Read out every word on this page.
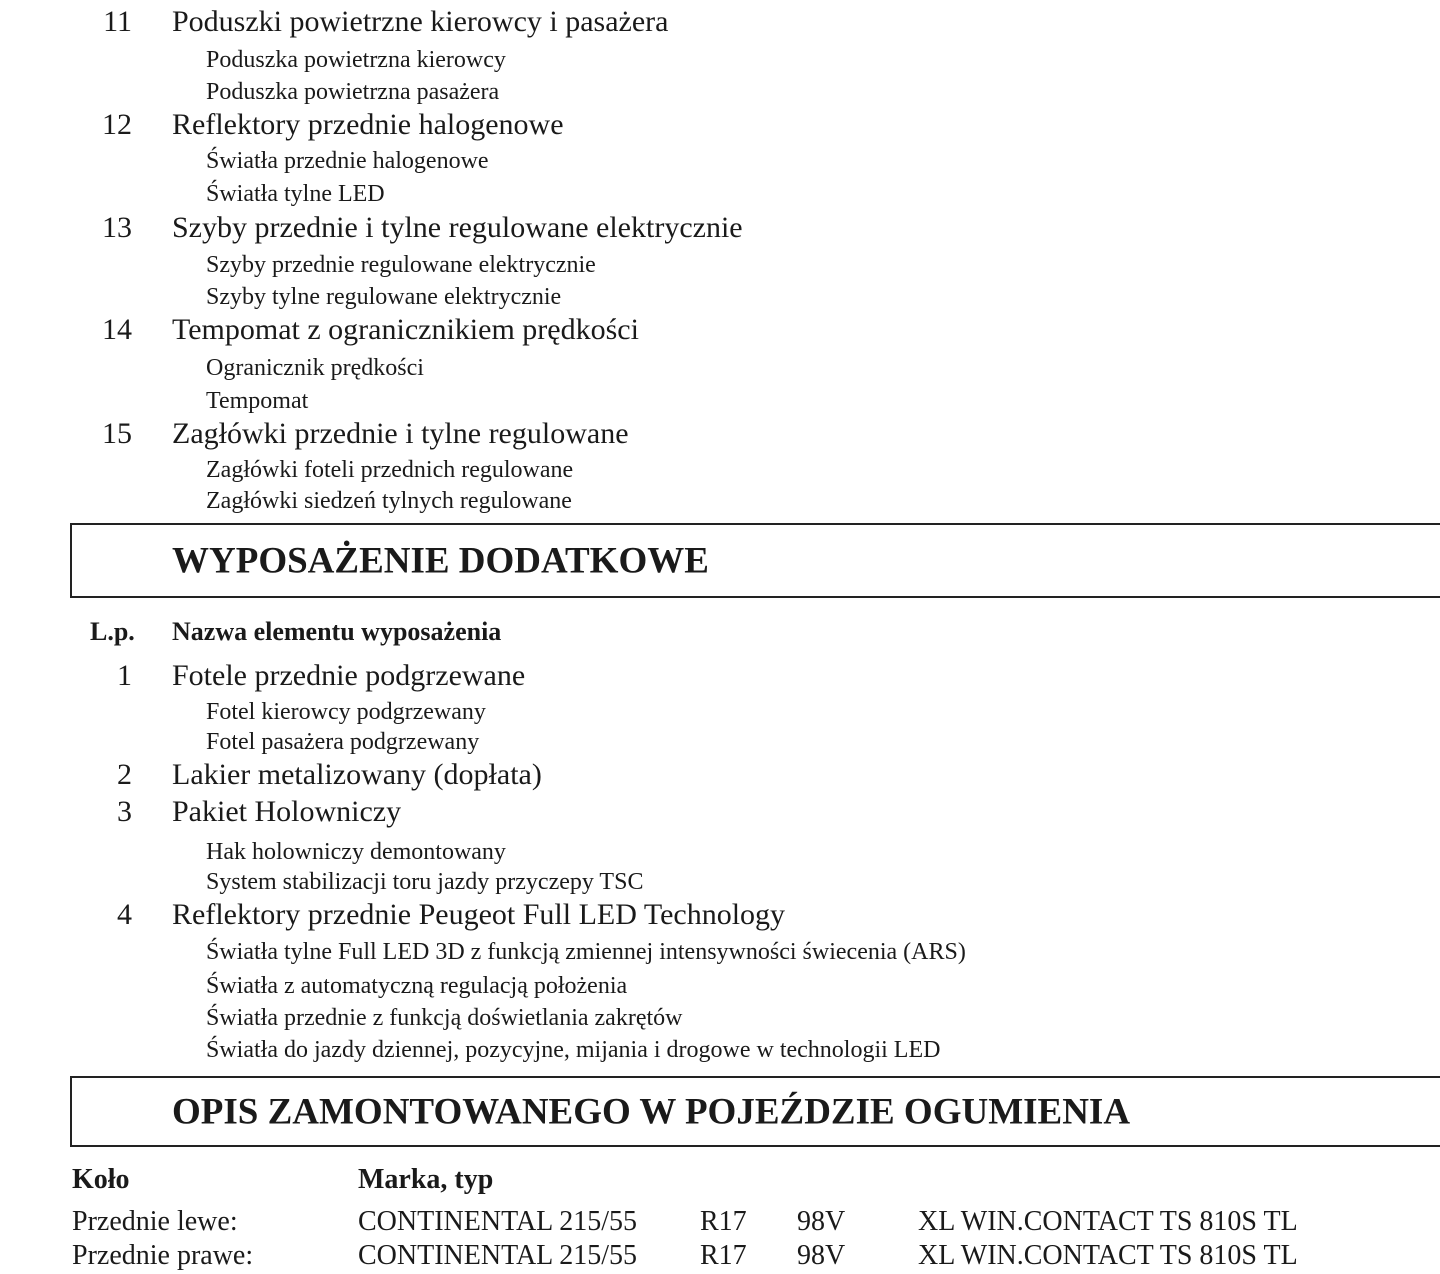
11 Poduszki powietrzne kierowcy i pasażera
Poduszka powietrzna kierowcy
Poduszka powietrzna pasażera
12 Reflektory przednie halogenowe
Światła przednie halogenowe
Światła tylne LED
13 Szyby przednie i tylne regulowane elektrycznie
Szyby przednie regulowane elektrycznie
Szyby tylne regulowane elektrycznie
14 Tempomat z ogranicznikiem prędkości
Ogranicznik prędkości
Tempomat
15 Zagłówki przednie i tylne regulowane
Zagłówki foteli przednich regulowane
Zagłówki siedzeń tylnych regulowane
WYPOSAŻENIE DODATKOWE
L.p. Nazwa elementu wyposażenia
1 Fotele przednie podgrzewane
Fotel kierowcy podgrzewany
Fotel pasażera podgrzewany
2 Lakier metalizowany (dopłata)
3 Pakiet Holowniczy
Hak holowniczy demontowany
System stabilizacji toru jazdy przyczepy TSC
4 Reflektory przednie Peugeot Full LED Technology
Światła tylne Full LED 3D z funkcją zmiennej intensywności świecenia (ARS)
Światła z automatyczną regulacją położenia
Światła przednie z funkcją doświetlania zakrętów
Światła do jazdy dziennej, pozycyjne, mijania i drogowe w technologii LED
OPIS ZAMONTOWANEGO W POJEŹDZIE OGUMIENIA
Koło	Marka, typ
Przednie lewe:	CONTINENTAL 215/55 R17 98V	XL WIN.CONTACT TS 810S TL
Przednie prawe:	CONTINENTAL 215/55 R17 98V	XL WIN.CONTACT TS 810S TL
